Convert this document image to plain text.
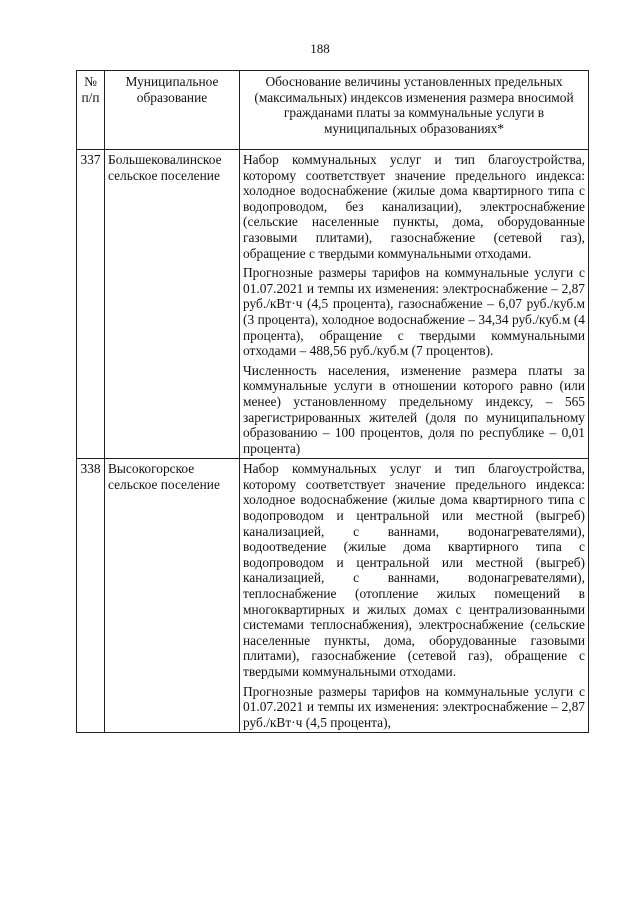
188
№ п/п	Муниципальное образование	Обоснование величины установленных предельных (максимальных) индексов изменения размера вносимой гражданами платы за коммунальные услуги в муниципальных образованиях*
337	Большековалинское сельское поселение	Набор коммунальных услуг и тип благоустройства, которому соответствует значение предельного индекса: холодное водоснабжение (жилые дома квартирного типа с водопроводом, без канализации), электроснабжение (сельские населенные пункты, дома, оборудованные газовыми плитами), газоснабжение (сетевой газ), обращение с твердыми коммунальными отходами.

Прогнозные размеры тарифов на коммунальные услуги с 01.07.2021 и темпы их изменения: электроснабжение – 2,87 руб./кВт·ч (4,5 процента), газоснабжение – 6,07 руб./куб.м (3 процента), холодное водоснабжение – 34,34 руб./куб.м (4 процента), обращение с твердыми коммунальными отходами – 488,56 руб./куб.м (7 процентов).

Численность населения, изменение размера платы за коммунальные услуги в отношении которого равно (или менее) установленному предельному индексу, – 565 зарегистрированных жителей (доля по муниципальному образованию – 100 процентов, доля по республике – 0,01 процента)

338	Высокогорское сельское поселение	Набор коммунальных услуг и тип благоустройства, которому соответствует значение предельного индекса: холодное водоснабжение (жилые дома квартирного типа с водопроводом и центральной или местной (выгреб) канализацией, с ваннами, водонагревателями), водоотведение (жилые дома квартирного типа с водопроводом и центральной или местной (выгреб) канализацией, с ваннами, водонагревателями), теплоснабжение (отопление жилых помещений в многоквартирных и жилых домах с централизованными системами теплоснабжения), электроснабжение (сельские населенные пункты, дома, оборудованные газовыми плитами), газоснабжение (сетевой газ), обращение с твердыми коммунальными отходами.

Прогнозные размеры тарифов на коммунальные услуги с 01.07.2021 и темпы их изменения: электроснабжение – 2,87 руб./кВт·ч (4,5 процента),
